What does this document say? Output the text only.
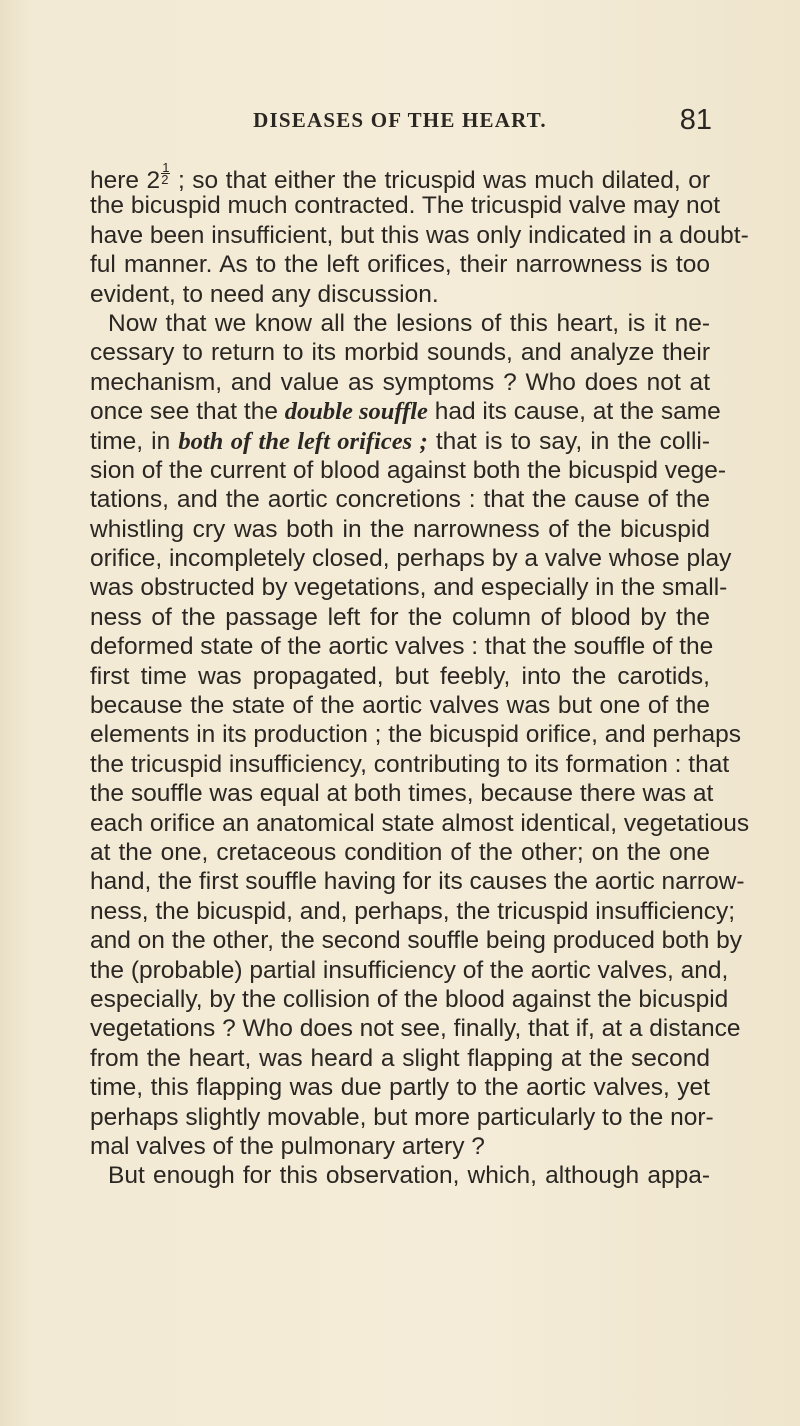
DISEASES OF THE HEART.	81
here $2 \frac{1}{2}$ ; so that either the tricuspid was much dilated, or
the bicuspid much contracted. The tricuspid valve may not
have been insufficient, but this was only indicated in a doubt-
ful manner. As to the left orifices, their narrowness is too
evident, to need any discussion.
Now that we know all the lesions of this heart, is it ne-
cessary to return to its morbid sounds, and analyze their
mechanism, and value as symptoms ? Who does not at
once see that the double souffle had its cause, at the same
time, in both of the left orifices ; that is to say, in the colli-
sion of the current of blood against both the bicuspid vege-
tations, and the aortic concretions : that the cause of the
whistling cry was both in the narrowness of the bicuspid
orifice, incompletely closed, perhaps by a valve whose play
was obstructed by vegetations, and especially in the small-
ness of the passage left for the column of blood by the
deformed state of the aortic valves : that the souffle of the
first time was propagated, but feebly, into the carotids,
because the state of the aortic valves was but one of the
elements in its production ; the bicuspid orifice, and perhaps
the tricuspid insufficiency, contributing to its formation : that
the souffle was equal at both times, because there was at
each orifice an anatomical state almost identical, vegetatious
at the one, cretaceous condition of the other; on the one
hand, the first souffle having for its causes the aortic narrow-
ness, the bicuspid, and, perhaps, the tricuspid insufficiency;
and on the other, the second souffle being produced both by
the (probable) partial insufficiency of the aortic valves, and,
especially, by the collision of the blood against the bicuspid
vegetations ? Who does not see, finally, that if, at a distance
from the heart, was heard a slight flapping at the second
time, this flapping was due partly to the aortic valves, yet
perhaps slightly movable, but more particularly to the nor-
mal valves of the pulmonary artery ?
But enough for this observation, which, although appa-
